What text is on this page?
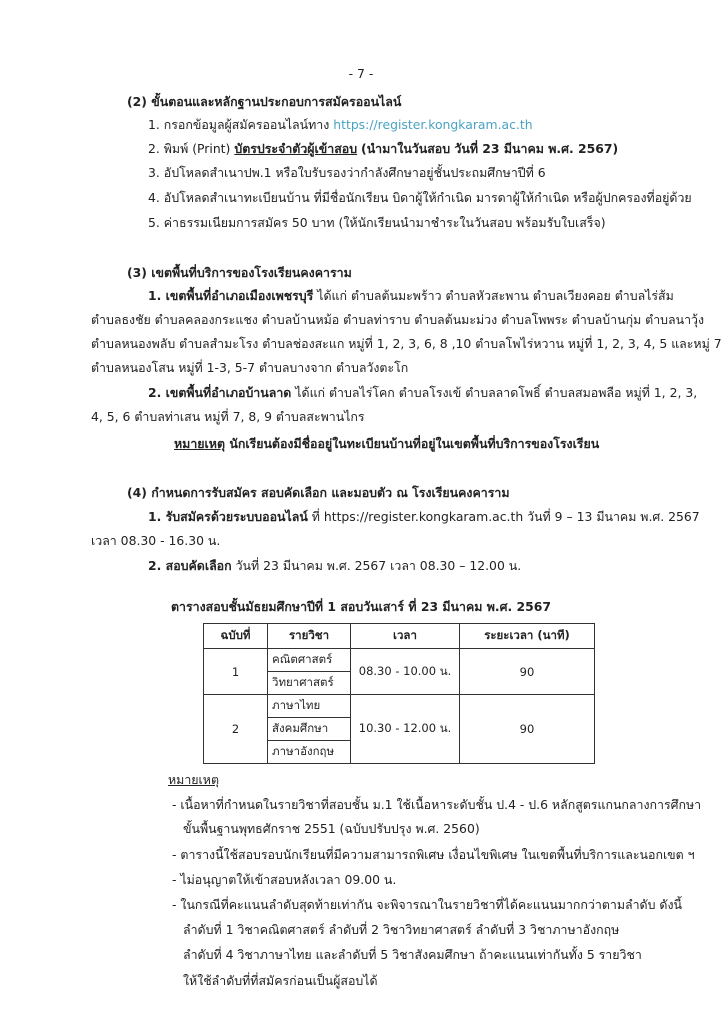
- 7 -
(2) ขั้นตอนและหลักฐานประกอบการสมัครออนไลน์
1. กรอกข้อมูลผู้สมัครออนไลน์ทาง https://register.kongkaram.ac.th
2. พิมพ์ (Print) บัตรประจำตัวผู้เข้าสอบ (นำมาในวันสอบ วันที่ 23 มีนาคม พ.ศ. 2567)
3. อัปโหลดสำเนาปพ.1 หรือใบรับรองว่ากำลังศึกษาอยู่ชั้นประถมศึกษาปีที่ 6
4. อัปโหลดสำเนาทะเบียนบ้าน ที่มีชื่อนักเรียน บิดาผู้ให้กำเนิด มารดาผู้ให้กำเนิด หรือผู้ปกครองที่อยู่ด้วย
5. ค่าธรรมเนียมการสมัคร 50 บาท (ให้นักเรียนนำมาชำระในวันสอบ พร้อมรับใบเสร็จ)
(3) เขตพื้นที่บริการของโรงเรียนคงคาราม
1. เขตพื้นที่อำเภอเมืองเพชรบุรี ได้แก่ ตำบลต้นมะพร้าว ตำบลหัวสะพาน ตำบลเวียงคอย ตำบลไร่ส้ม
ตำบลธงชัย ตำบลคลองกระแชง ตำบลบ้านหม้อ ตำบลท่าราบ ตำบลต้นมะม่วง ตำบลโพพระ ตำบลบ้านกุ่ม ตำบลนาวุ้ง
ตำบลหนองพลับ ตำบลสำมะโรง ตำบลช่องสะแก หมู่ที่ 1, 2, 3, 6, 8 ,10 ตำบลโพไร่หวาน หมู่ที่ 1, 2, 3, 4, 5 และหมู่ 7
ตำบลหนองโสน หมู่ที่ 1-3, 5-7 ตำบลบางจาก ตำบลวังตะโก
2. เขตพื้นที่อำเภอบ้านลาด ได้แก่ ตำบลไร่โคก ตำบลโรงเข้ ตำบลลาดโพธิ์ ตำบลสมอพลือ หมู่ที่ 1, 2, 3,
4, 5, 6 ตำบลท่าเสน หมู่ที่ 7, 8, 9 ตำบลสะพานไกร
หมายเหตุ นักเรียนต้องมีชื่ออยู่ในทะเบียนบ้านที่อยู่ในเขตพื้นที่บริการของโรงเรียน
(4) กำหนดการรับสมัคร สอบคัดเลือก และมอบตัว ณ โรงเรียนคงคาราม
1. รับสมัครด้วยระบบออนไลน์ ที่ https://register.kongkaram.ac.th วันที่ 9 – 13 มีนาคม พ.ศ. 2567
เวลา 08.30 - 16.30 น.
2. สอบคัดเลือก วันที่ 23 มีนาคม พ.ศ. 2567 เวลา 08.30 – 12.00 น.
ตารางสอบชั้นมัธยมศึกษาปีที่ 1 สอบวันเสาร์ ที่ 23 มีนาคม พ.ศ. 2567
ฉบับที่	รายวิชา	เวลา	ระยะเวลา (นาที)
1	คณิตศาสตร์	08.30 - 10.00 น.	90
	วิทยาศาสตร์		
2	ภาษาไทย	10.30 - 12.00 น.	90
	สังคมศึกษา		
	ภาษาอังกฤษ		
หมายเหตุ
- เนื้อหาที่กำหนดในรายวิชาที่สอบชั้น ม.1 ใช้เนื้อหาระดับชั้น ป.4 - ป.6 หลักสูตรแกนกลางการศึกษา
ขั้นพื้นฐานพุทธศักราช 2551 (ฉบับปรับปรุง พ.ศ. 2560)
- ตารางนี้ใช้สอบรอบนักเรียนที่มีความสามารถพิเศษ เงื่อนไขพิเศษ ในเขตพื้นที่บริการและนอกเขต ฯ
- ไม่อนุญาตให้เข้าสอบหลังเวลา 09.00 น.
- ในกรณีที่คะแนนลำดับสุดท้ายเท่ากัน จะพิจารณาในรายวิชาที่ได้คะแนนมากกว่าตามลำดับ ดังนี้
ลำดับที่ 1 วิชาคณิตศาสตร์ ลำดับที่ 2 วิชาวิทยาศาสตร์ ลำดับที่ 3 วิชาภาษาอังกฤษ
ลำดับที่ 4 วิชาภาษาไทย และลำดับที่ 5 วิชาสังคมศึกษา ถ้าคะแนนเท่ากันทั้ง 5 รายวิชา
ให้ใช้ลำดับที่ที่สมัครก่อนเป็นผู้สอบได้
